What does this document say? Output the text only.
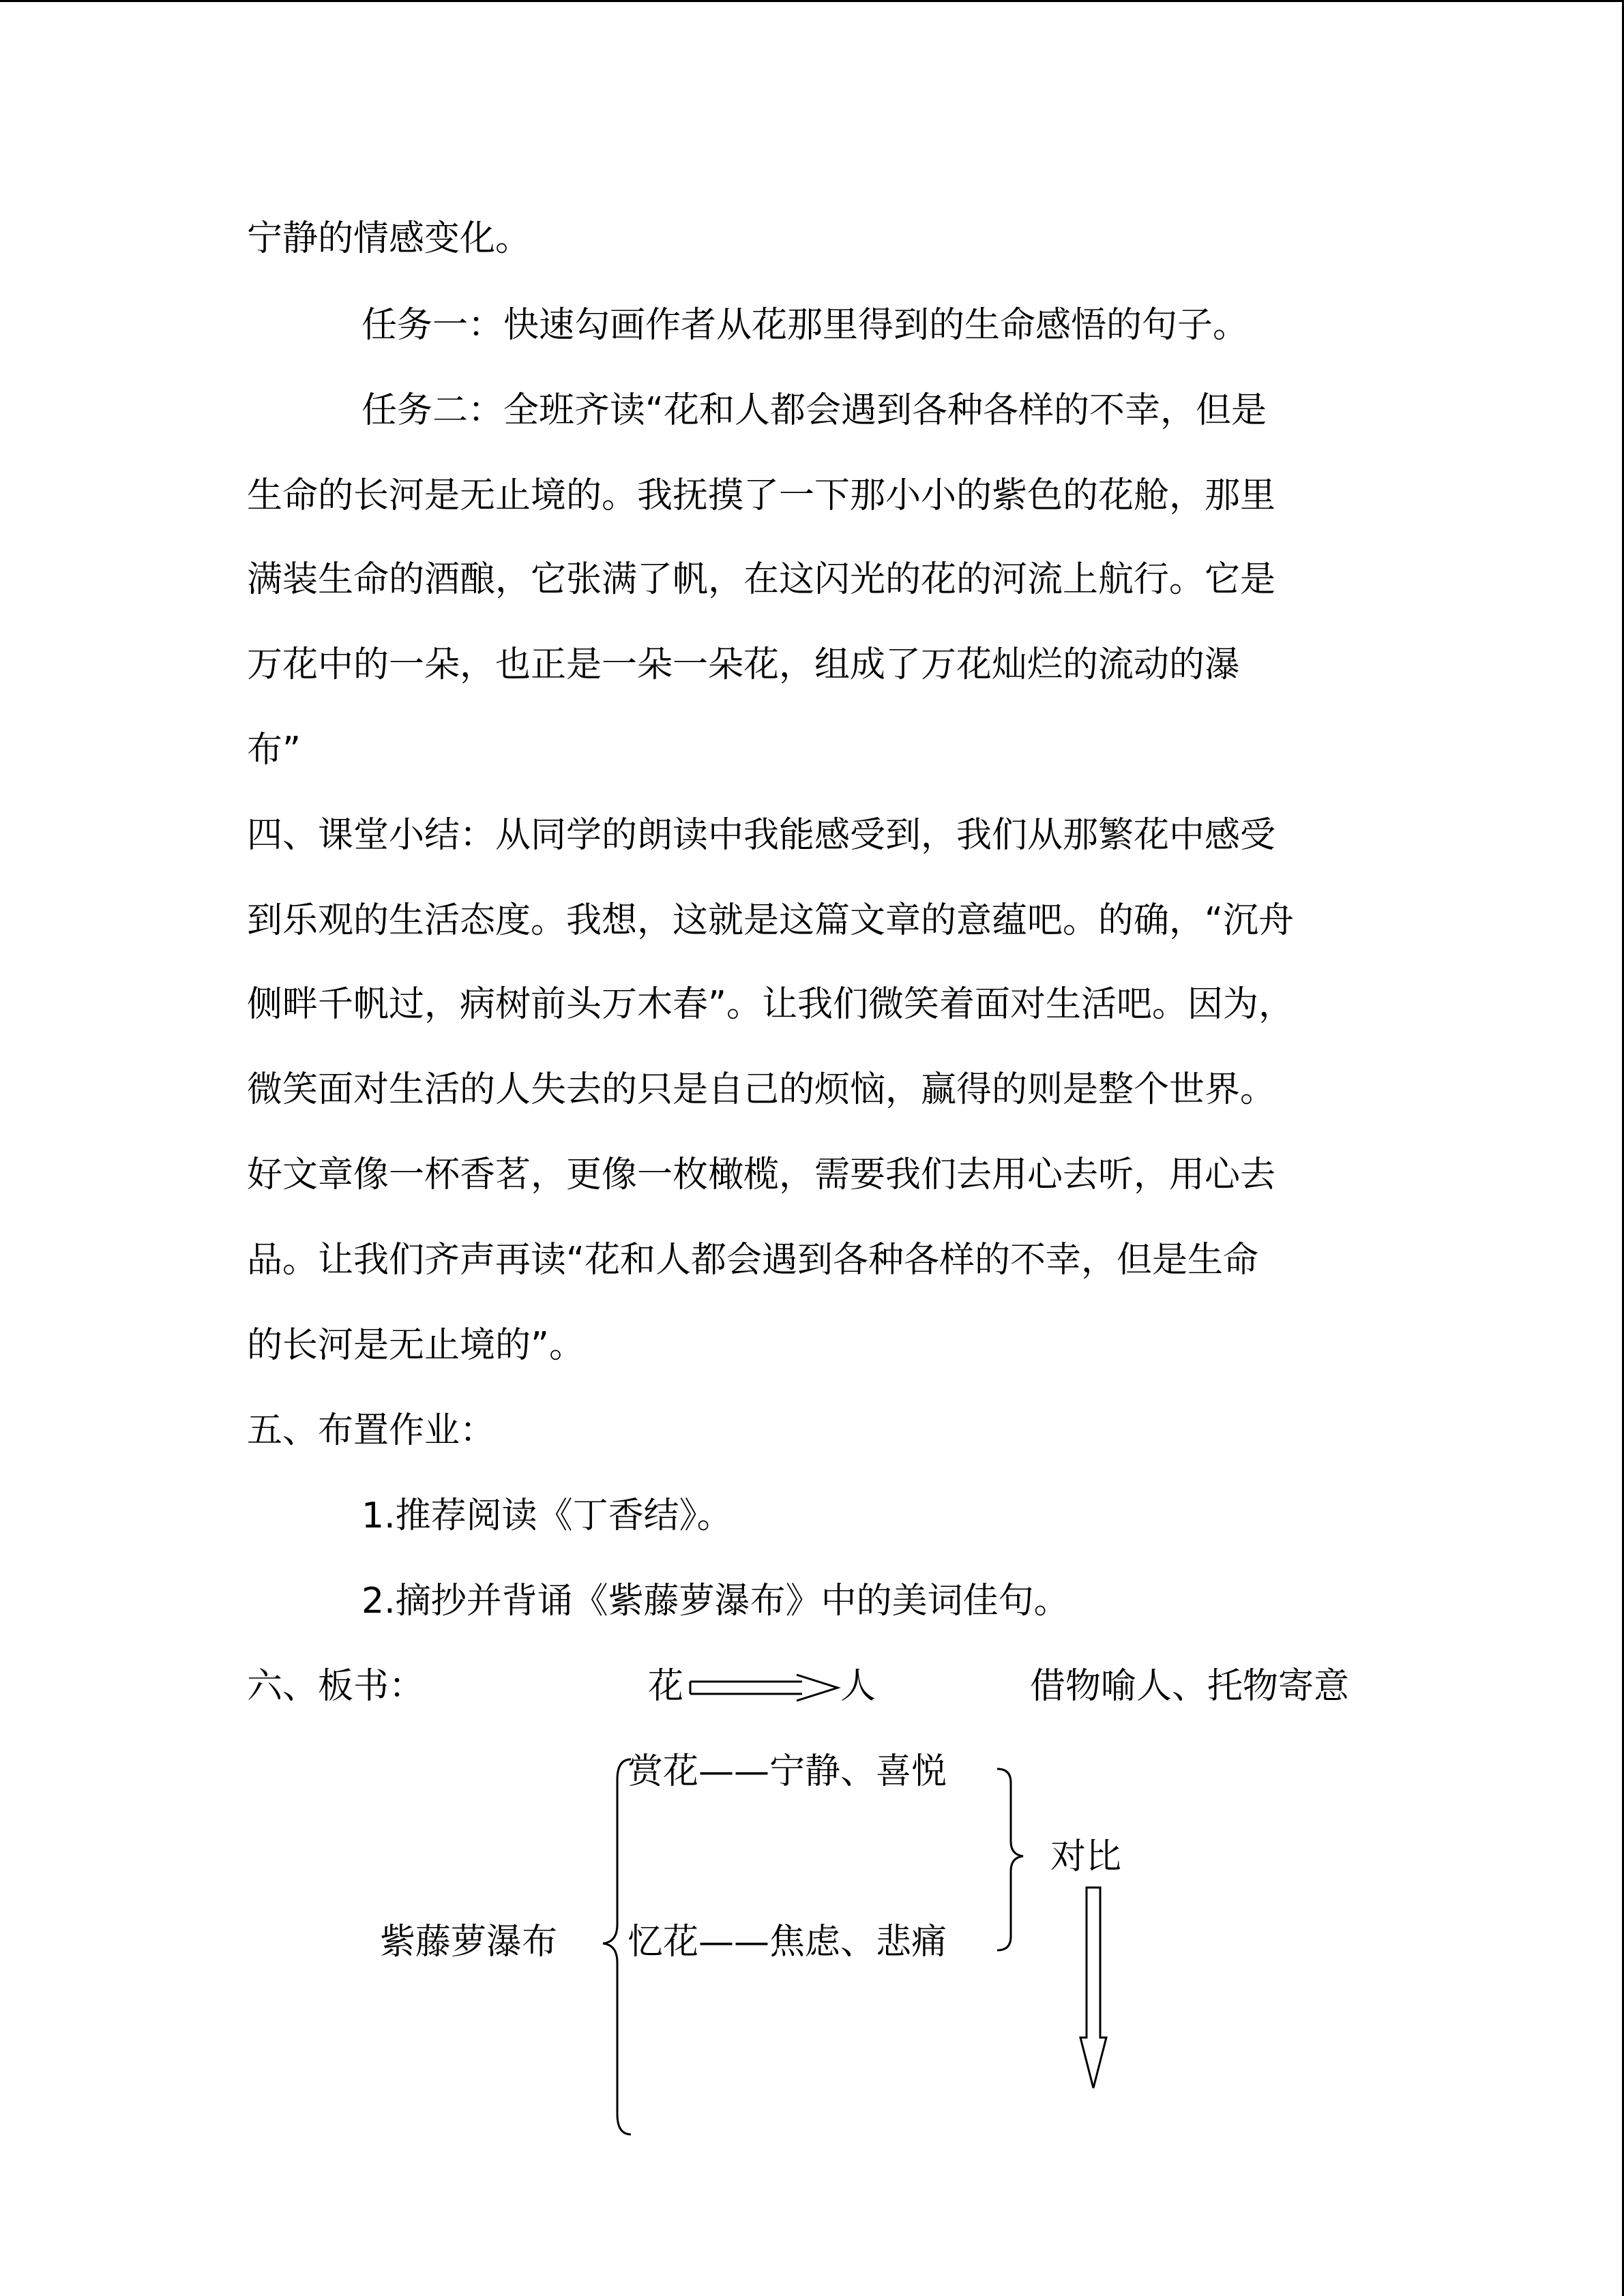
宁静的情感变化。
任务一：快速勾画作者从花那里得到的生命感悟的句子。
任务二：全班齐读“花和人都会遇到各种各样的不幸，但是
生命的长河是无止境的。我抚摸了一下那小小的紫色的花舱，那里
满装生命的酒酿，它张满了帆，在这闪光的花的河流上航行。它是
万花中的一朵，也正是一朵一朵花，组成了万花灿烂的流动的瀑
布”
四、课堂小结：从同学的朗读中我能感受到，我们从那繁花中感受
到乐观的生活态度。我想，这就是这篇文章的意蕴吧。的确，“沉舟
侧畔千帆过，病树前头万木春”。让我们微笑着面对生活吧。因为，
微笑面对生活的人失去的只是自己的烦恼，赢得的则是整个世界。
好文章像一杯香茗，更像一枚橄榄，需要我们去用心去听，用心去
品。让我们齐声再读“花和人都会遇到各种各样的不幸，但是生命
的长河是无止境的”。
五、布置作业：
1.推荐阅读《丁香结》。
2.摘抄并背诵《紫藤萝瀑布》中的美词佳句。
六、板书：	花	人	借物喻人、托物寄意
赏花——宁静、喜悦
对比
紫藤萝瀑布 忆花——焦虑、悲痛
